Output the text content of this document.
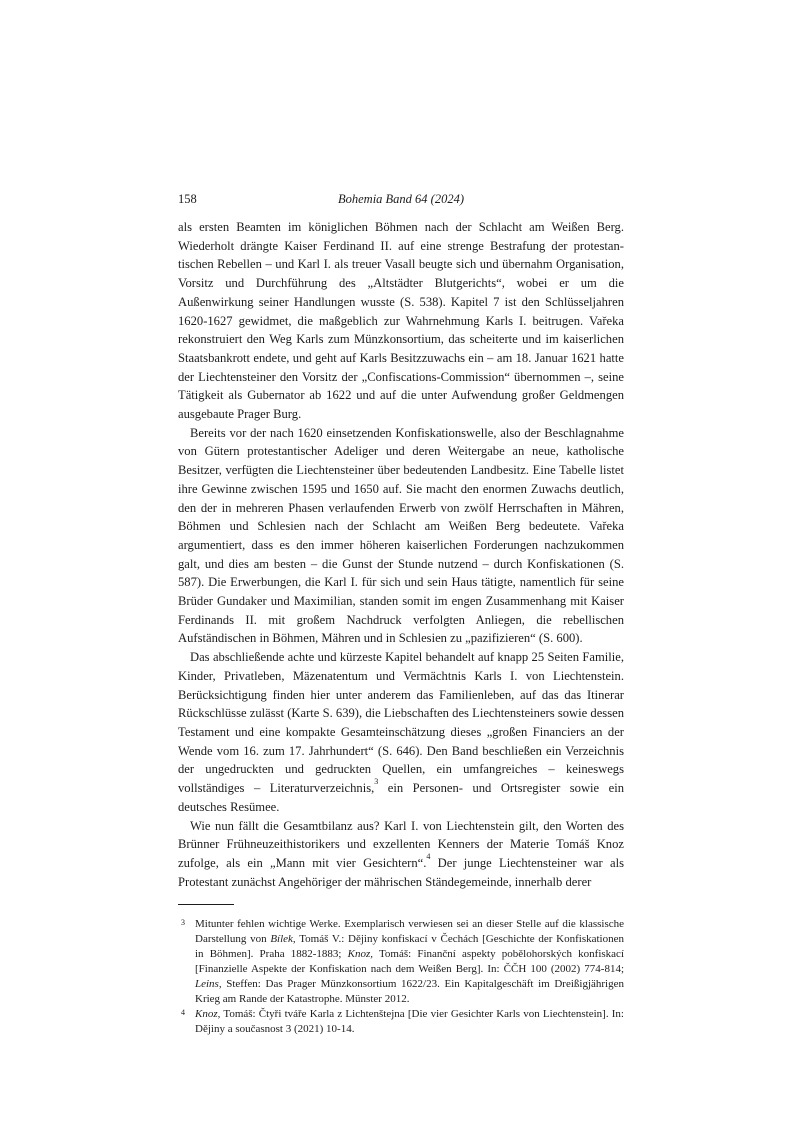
158	Bohemia Band 64 (2024)

als ersten Beamten im königlichen Böhmen nach der Schlacht am Weißen Berg. Wiederholt drängte Kaiser Ferdinand II. auf eine strenge Bestrafung der protestantischen Rebellen – und Karl I. als treuer Vasall beugte sich und übernahm Organisation, Vorsitz und Durchführung des „Altstädter Blutgerichts“, wobei er um die Außenwirkung seiner Handlungen wusste (S. 538). Kapitel 7 ist den Schlüsseljahren 1620-1627 gewidmet, die maßgeblich zur Wahrnehmung Karls I. beitrugen. Vařeka rekonstruiert den Weg Karls zum Münzkonsortium, das scheiterte und im kaiserlichen Staatsbankrott endete, und geht auf Karls Besitzzuwachs ein – am 18. Januar 1621 hatte der Liechtensteiner den Vorsitz der „Confiscations-Commission“ übernommen –, seine Tätigkeit als Gubernator ab 1622 und auf die unter Aufwendung großer Geldmengen ausgebaute Prager Burg.

Bereits vor der nach 1620 einsetzenden Konfiskationswelle, also der Beschlagnahme von Gütern protestantischer Adeliger und deren Weitergabe an neue, katholische Besitzer, verfügten die Liechtensteiner über bedeutenden Landbesitz. Eine Tabelle listet ihre Gewinne zwischen 1595 und 1650 auf. Sie macht den enormen Zuwachs deutlich, den der in mehreren Phasen verlaufenden Erwerb von zwölf Herrschaften in Mähren, Böhmen und Schlesien nach der Schlacht am Weißen Berg bedeutete. Vařeka argumentiert, dass es den immer höheren kaiserlichen Forderungen nachzukommen galt, und dies am besten – die Gunst der Stunde nutzend – durch Konfiskationen (S. 587). Die Erwerbungen, die Karl I. für sich und sein Haus tätigte, namentlich für seine Brüder Gundaker und Maximilian, standen somit im engen Zusammenhang mit Kaiser Ferdinands II. mit großem Nachdruck verfolgten Anliegen, die rebellischen Aufständischen in Böhmen, Mähren und in Schlesien zu „pazifizieren“ (S. 600).

Das abschließende achte und kürzeste Kapitel behandelt auf knapp 25 Seiten Familie, Kinder, Privatleben, Mäzenatentum und Vermächtnis Karls I. von Liechtenstein. Berücksichtigung finden hier unter anderem das Familienleben, auf das das Itinerar Rückschlüsse zulässt (Karte S. 639), die Liebschaften des Liechtensteiners sowie dessen Testament und eine kompakte Gesamteinschätzung dieses „großen Financiers an der Wende vom 16. zum 17. Jahrhundert“ (S. 646). Den Band beschließen ein Verzeichnis der ungedruckten und gedruckten Quellen, ein umfangreiches – keineswegs vollständiges – Literaturverzeichnis,$^3$ ein Personen- und Ortsregister sowie ein deutsches Resümee.

Wie nun fällt die Gesamtbilanz aus? Karl I. von Liechtenstein gilt, den Worten des Brünner Frühneuzeithistorikers und exzellenten Kenners der Materie Tomáš Knoz zufolge, als ein „Mann mit vier Gesichtern“.$^4$ Der junge Liechtensteiner war als Protestant zunächst Angehöriger der mährischen Ständegemeinde, innerhalb derer

3 Mitunter fehlen wichtige Werke. Exemplarisch verwiesen sei an dieser Stelle auf die klassische Darstellung von Bílek, Tomáš V.: Dějiny konfiskací v Čechách [Geschichte der Konfiskationen in Böhmen]. Praha 1882-1883; Knoz, Tomáš: Finanční aspekty pobělohorských konfiskací [Finanzielle Aspekte der Konfiskation nach dem Weißen Berg]. In: ČČH 100 (2002) 774-814; Leins, Steffen: Das Prager Münzkonsortium 1622/23. Ein Kapitalgeschäft im Dreißigjährigen Krieg am Rande der Katastrophe. Münster 2012.

4 Knoz, Tomáš: Čtyři tváře Karla z Lichtenštejna [Die vier Gesichter Karls von Liechtenstein]. In: Dějiny a současnost 3 (2021) 10-14.
